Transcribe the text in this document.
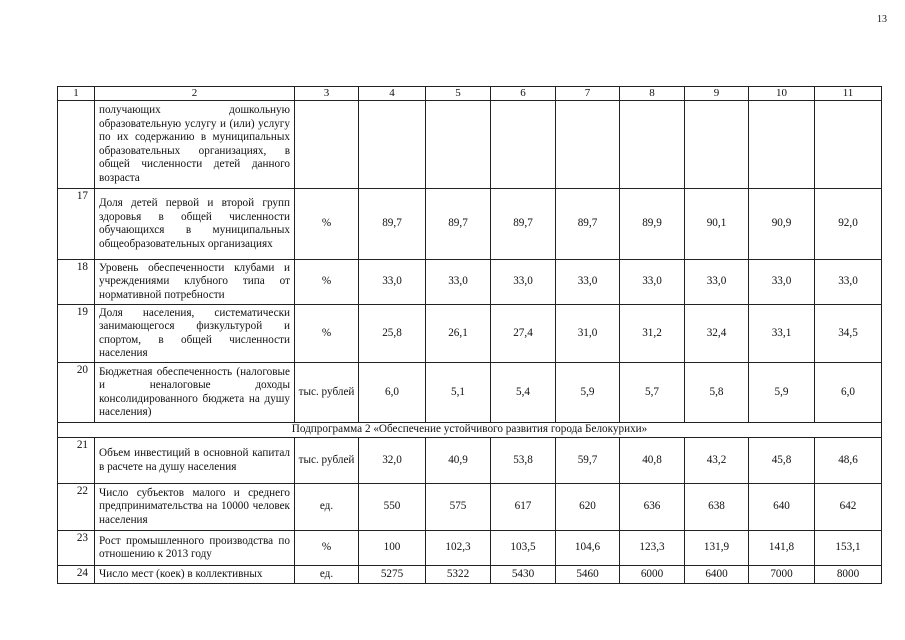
13
1	2	3	4	5	6	7	8	9	10	11
	получающих дошкольную образовательную услугу и (или) услугу по их содержанию в муниципальных образовательных организациях, в общей численности детей данного возраста									
17	Доля детей первой и второй групп здоровья в общей численности обучающихся в муниципальных общеобразовательных организациях	%	89,7	89,7	89,7	89,7	89,9	90,1	90,9	92,0
18	Уровень обеспеченности клубами и учреждениями клубного типа от нормативной потребности	%	33,0	33,0	33,0	33,0	33,0	33,0	33,0	33,0
19	Доля населения, систематически занимающегося физкультурой и спортом, в общей численности населения	%	25,8	26,1	27,4	31,0	31,2	32,4	33,1	34,5
20	Бюджетная обеспеченность (налоговые и неналоговые доходы консолидированного бюджета на душу населения)	тыс. рублей	6,0	5,1	5,4	5,9	5,7	5,8	5,9	6,0
Подпрограмма 2 «Обеспечение устойчивого развития города Белокурихи»										
21	Объем инвестиций в основной капитал в расчете на душу населения	тыс. рублей	32,0	40,9	53,8	59,7	40,8	43,2	45,8	48,6
22	Число субъектов малого и среднего предпринимательства на 10000 человек населения	ед.	550	575	617	620	636	638	640	642
23	Рост промышленного производства по отношению к 2013 году	%	100	102,3	103,5	104,6	123,3	131,9	141,8	153,1
24	Число мест (коек) в коллективных	ед.	5275	5322	5430	5460	6000	6400	7000	8000
